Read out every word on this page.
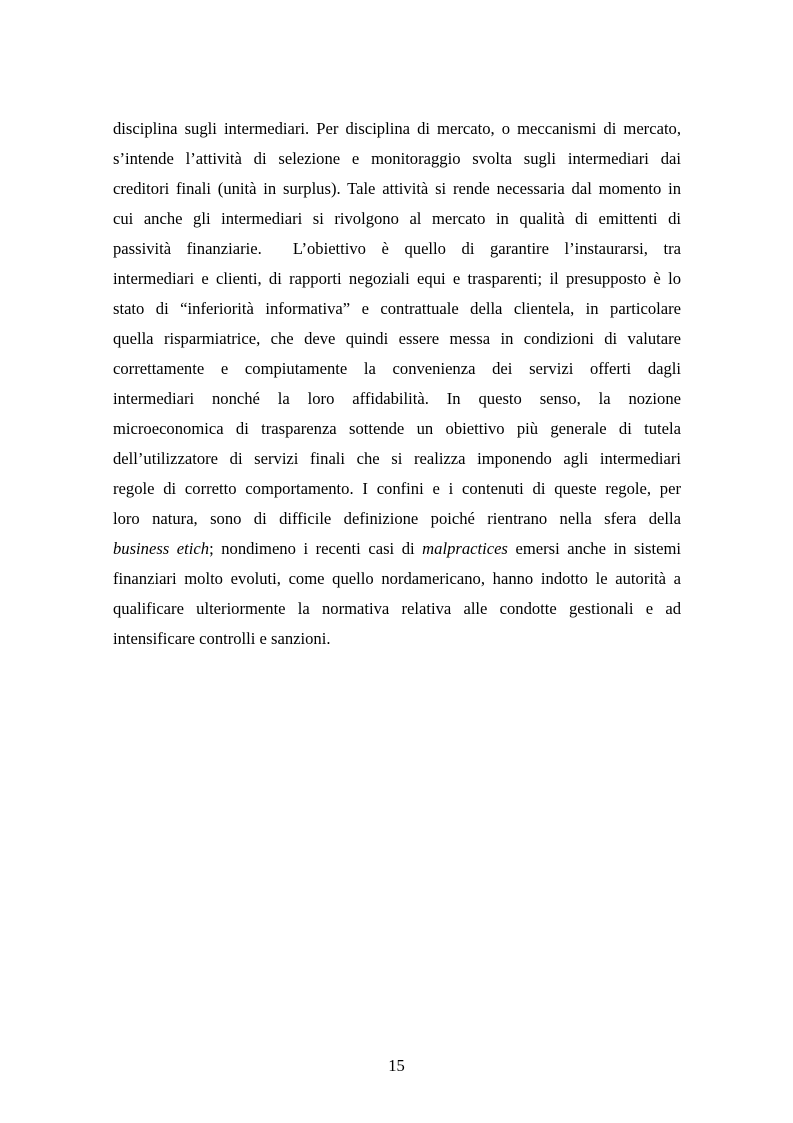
disciplina sugli intermediari. Per disciplina di mercato, o meccanismi di mercato,
s’intende l’attività di selezione e monitoraggio svolta sugli intermediari dai
creditori finali (unità in surplus). Tale attività si rende necessaria dal momento in
cui anche gli intermediari si rivolgono al mercato in qualità di emittenti di
passività finanziarie.  L’obiettivo è quello di garantire l’instaurarsi, tra
intermediari e clienti, di rapporti negoziali equi e trasparenti; il presupposto è lo
stato di “inferiorità informativa” e contrattuale della clientela, in particolare
quella risparmiatrice, che deve quindi essere messa in condizioni di valutare
correttamente e compiutamente la convenienza dei servizi offerti dagli
intermediari nonché la loro affidabilità. In questo senso, la nozione
microeconomica di trasparenza sottende un obiettivo più generale di tutela
dell’utilizzatore di servizi finali che si realizza imponendo agli intermediari
regole di corretto comportamento. I confini e i contenuti di queste regole, per
loro natura, sono di difficile definizione poiché rientrano nella sfera della
business etich; nondimeno i recenti casi di malpractices emersi anche in sistemi
finanziari molto evoluti, come quello nordamericano, hanno indotto le autorità a
qualificare ulteriormente la normativa relativa alle condotte gestionali e ad
intensificare controlli e sanzioni.
15
